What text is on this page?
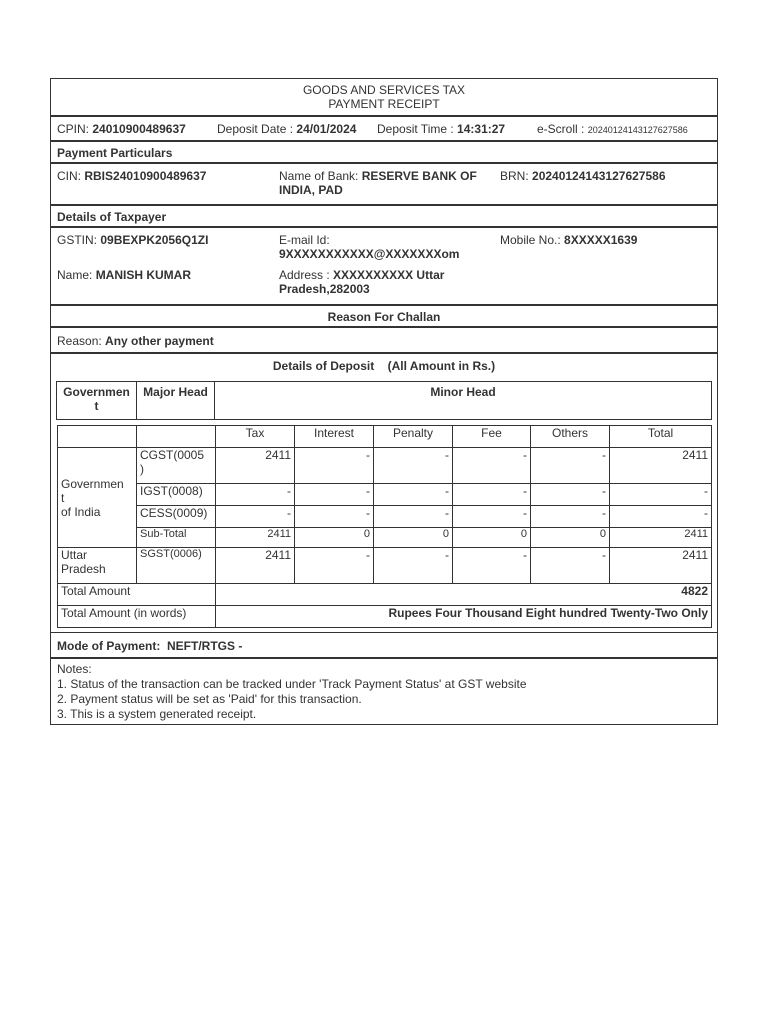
GOODS AND SERVICES TAX
PAYMENT RECEIPT
CPIN: 24010900489637	Deposit Date : 24/01/2024 Deposit Time : 14:31:27	e-Scroll : 20240124143127627586
Payment Particulars
CIN: RBIS24010900489637	Name of Bank: RESERVE BANK OF
INDIA, PAD
BRN: 20240124143127627586
Details of Taxpayer
GSTIN: 09BEXPK2056Q1ZI	E-mail Id:
9XXXXXXXXXXX@XXXXXXXom
Mobile No.: 8XXXXX1639
Name: MANISH KUMAR	Address : XXXXXXXXXX Uttar
Pradesh,282003
Reason For Challan
Reason: Any other payment
Details of Deposit (All Amount in Rs.)
Governmen
t	Major Head	Minor Head
		Tax	Interest	Penalty	Fee	Others	Total
Governmen
t
of India	CGST(0005
)	2411	-	-	-	-	2411
	IGST(0008)	-	-	-	-	-	-
	CESS(0009)	-	-	-	-	-	-
	Sub-Total	2411	0	0	0	0	2411
Uttar
Pradesh	SGST(0006)	2411	-	-	-	-	2411
Total Amount		4822					
Total Amount (in words)		Rupees Four Thousand Eight hundred Twenty-Two Only					
Mode of Payment: NEFT/RTGS -
Notes:
1. Status of the transaction can be tracked under 'Track Payment Status' at GST website
2. Payment status will be set as 'Paid' for this transaction.
3. This is a system generated receipt.
